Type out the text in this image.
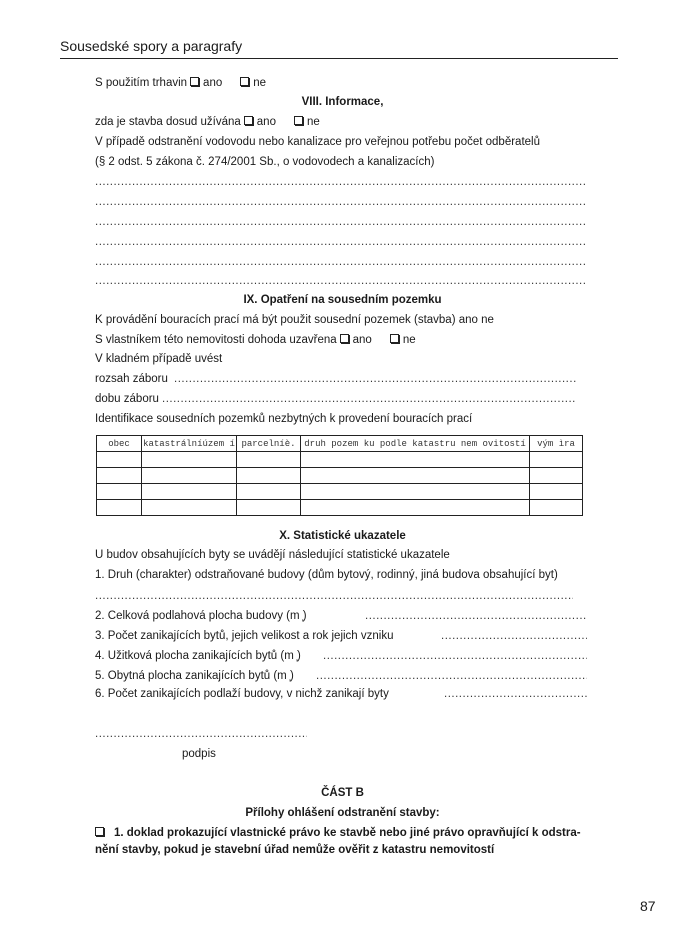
Sousedské spory a paragrafy
S použitím trhavin ano	ne
VIII. Informace,
zda je stavba dosud užívána ano	ne
V případě odstranění vodovodu nebo kanalizace pro veřejnou potřebu počet odběratelů
(§ 2 odst. 5 zákona č. 274/2001 Sb., o vodovodech a kanalizacích)
.....
.....
.....
.....
.....
.....
IX. Opatření na sousedním pozemku
K provádění bouracích prací má být použit sousední pozemek (stavba) ano ne
S vlastníkem této nemovitosti dohoda uzavřena ano	ne
V kladném případě uvést
rozsah záboru
.....
dobu záboru
.....
Identifikace sousedních pozemků nezbytných k provedení bouracích prací
obec	katastrálníúzem í	parcelníè.	druh pozem ku podle katastru nem ovitostí	vým ìra

X. Statistické ukazatele
U budov obsahujících byty se uvádějí následující statistické ukazatele
1. Druh (charakter) odstraňované budovy (dům bytový, rodinný, jiná budova obsahující byt)
.....
2. Celková podlahová plocha budovy (m ̦)
.....
3. Počet zanikajících bytů, jejich velikost a rok jejich vzniku
.....
4. Užitková plocha zanikajících bytů (m ̦)
.....
5. Obytná plocha zanikajících bytů (m ̦)
.....
6. Počet zanikajících podlaží budovy, v nichž zanikají byty
.....
.....
podpis
ČÁST B
Přílohy ohlášení odstranění stavby:
1. doklad prokazující vlastnické právo ke stavbě nebo jiné právo opravňující k odstra-
nění stavby, pokud je stavební úřad nemůže ověřit z katastru nemovitostí
87
